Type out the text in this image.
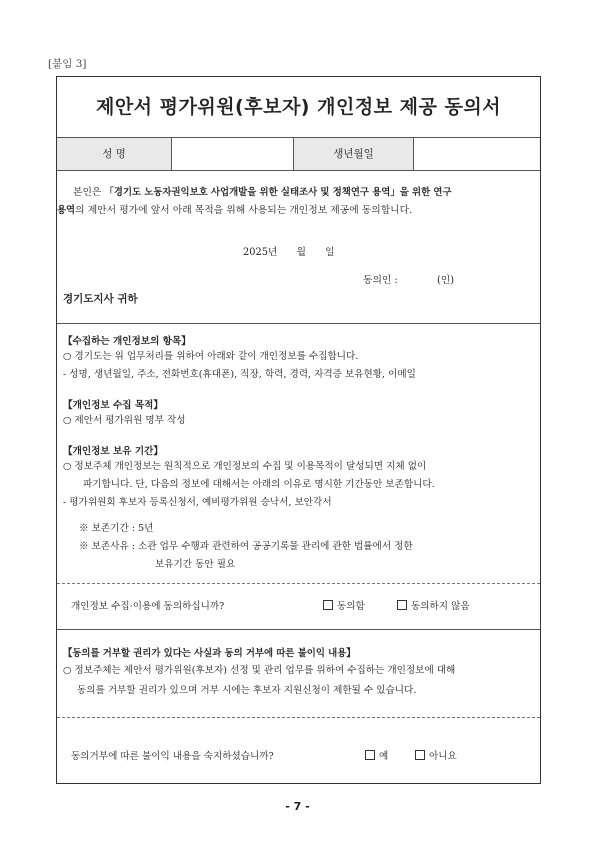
[붙임 3]
제안서 평가위원(후보자) 개인정보 제공 동의서
성 명	생년월일
본인은 「경기도 노동자권익보호 사업개발을 위한 실태조사 및 정책연구 용역」을 위한 연구
용역의 제안서 평가에 앞서 아래 목적을 위해 사용되는 개인정보 제공에 동의합니다.
2025년 월 일
동의인 :	(인)
경기도지사 귀하
【수집하는 개인정보의 항목】
○ 경기도는 위 업무처리를 위하여 아래와 같이 개인정보를 수집합니다.
- 성명, 생년월일, 주소, 전화번호(휴대폰), 직장, 학력, 경력, 자격증 보유현황, 이메일
【개인정보 수집 목적】
○ 제안서 평가위원 명부 작성
【개인정보 보유 기간】
○ 정보주체 개인정보는 원칙적으로 개인정보의 수집 및 이용목적이 달성되면 지체 없이
파기합니다. 단, 다음의 정보에 대해서는 아래의 이유로 명시한 기간동안 보존합니다.
- 평가위원회 후보자 등록신청서, 예비평가위원 승낙서, 보안각서
※ 보존기간 : 5년
※ 보존사유 : 소관 업무 수행과 관련하여 공공기록물 관리에 관한 법률에서 정한
보유기간 동안 필요
개인정보 수집·이용에 동의하십니까?	동의함	동의하지 않음
【동의를 거부할 권리가 있다는 사실과 동의 거부에 따른 불이익 내용】
○ 정보주체는 제안서 평가위원(후보자) 선정 및 관리 업무를 위하여 수집하는 개인정보에 대해
동의를 거부할 권리가 있으며 거부 시에는 후보자 지원신청이 제한될 수 있습니다.
동의거부에 따른 불이익 내용을 숙지하셨습니까?	예	아니요
- 7 -
